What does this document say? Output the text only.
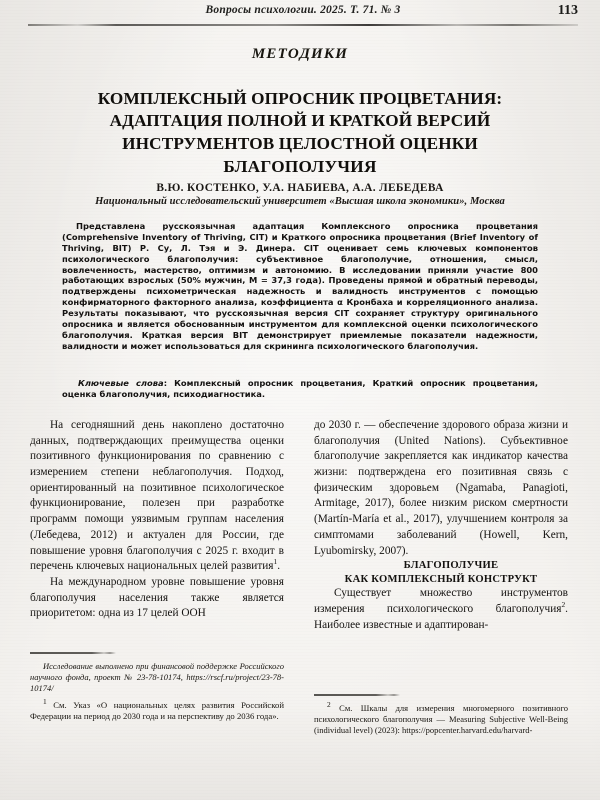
Вопросы психологии. 2025. Т. 71. № 3	113
МЕТОДИКИ
КОМПЛЕКСНЫЙ ОПРОСНИК ПРОЦВЕТАНИЯ:
АДАПТАЦИЯ ПОЛНОЙ И КРАТКОЙ ВЕРСИЙ
ИНСТРУМЕНТОВ ЦЕЛОСТНОЙ ОЦЕНКИ
БЛАГОПОЛУЧИЯ
В.Ю. КОСТЕНКО, У.А. НАБИЕВА, А.А. ЛЕБЕДЕВА
Национальный исследовательский университет «Высшая школа экономики», Москва

Представлена русскоязычная адаптация Комплексного опросника процветания (Comprehensive Inventory of Thriving, CIT) и Краткого опросника процветания (Brief Inventory of Thriving, BIT) Р. Су, Л. Тэя и Э. Динера. CIT оценивает семь ключевых компонентов психологического благополучия: субъективное благополучие, отношения, смысл, вовлеченность, мастерство, оптимизм и автономию. В исследовании приняли участие 800 работающих взрослых (50% мужчин, M = 37,3 года). Проведены прямой и обратный переводы, подтверждены психометрическая надежность и валидность инструментов с помощью конфирматорного факторного анализа, коэффициента α Кронбаха и корреляционного анализа. Результаты показывают, что русскоязычная версия CIT сохраняет структуру оригинального опросника и является обоснованным инструментом для комплексной оценки психологического благополучия. Краткая версия BIT демонстрирует приемлемые показатели надежности, валидности и может использоваться для скрининга психологического благополучия.

Ключевые слова: Комплексный опросник процветания, Краткий опросник процветания, оценка благополучия, психодиагностика.

На сегодняшний день накоплено достаточно данных, подтверждающих преимущества оценки позитивного функционирования по сравнению с измерением степени неблагополучия. Подход, ориентированный на позитивное психологическое функционирование, полезен при разработке программ помощи уязвимым группам населения (Лебедева, 2012) и актуален для России, где повышение уровня благополучия с 2025 г. входит в перечень ключевых национальных целей развития$^1$.

На международном уровне повышение уровня благополучия населения также является приоритетом: одна из 17 целей ООН

до 2030 г. — обеспечение здорового образа жизни и благополучия (United Nations). Субъективное благополучие закрепляется как индикатор качества жизни: подтверждена его позитивная связь с физическим здоровьем (Ngamaba, Panagioti, Armitage, 2017), более низким риском смертности (Martín-María et al., 2017), улучшением контроля за симптомами заболеваний (Howell, Kern, Lyubomirsky, 2007).

БЛАГОПОЛУЧИЕ
КАК КОМПЛЕКСНЫЙ КОНСТРУКТ

Существует множество инструментов измерения психологического благополучия$^2$. Наиболее известные и адаптирован-

Исследование выполнено при финансовой поддержке Российского научного фонда, проект № 23-78-10174, https://rscf.ru/project/23-78-10174/

$^1$ См. Указ «О национальных целях развития Российской Федерации на период до 2030 года и на перспективу до 2036 года».

$^2$ См. Шкалы для измерения многомерного позитивного психологического благополучия — Measuring Subjective Well-Being (individual level) (2023): https://popcenter.harvard.edu/harvard-
